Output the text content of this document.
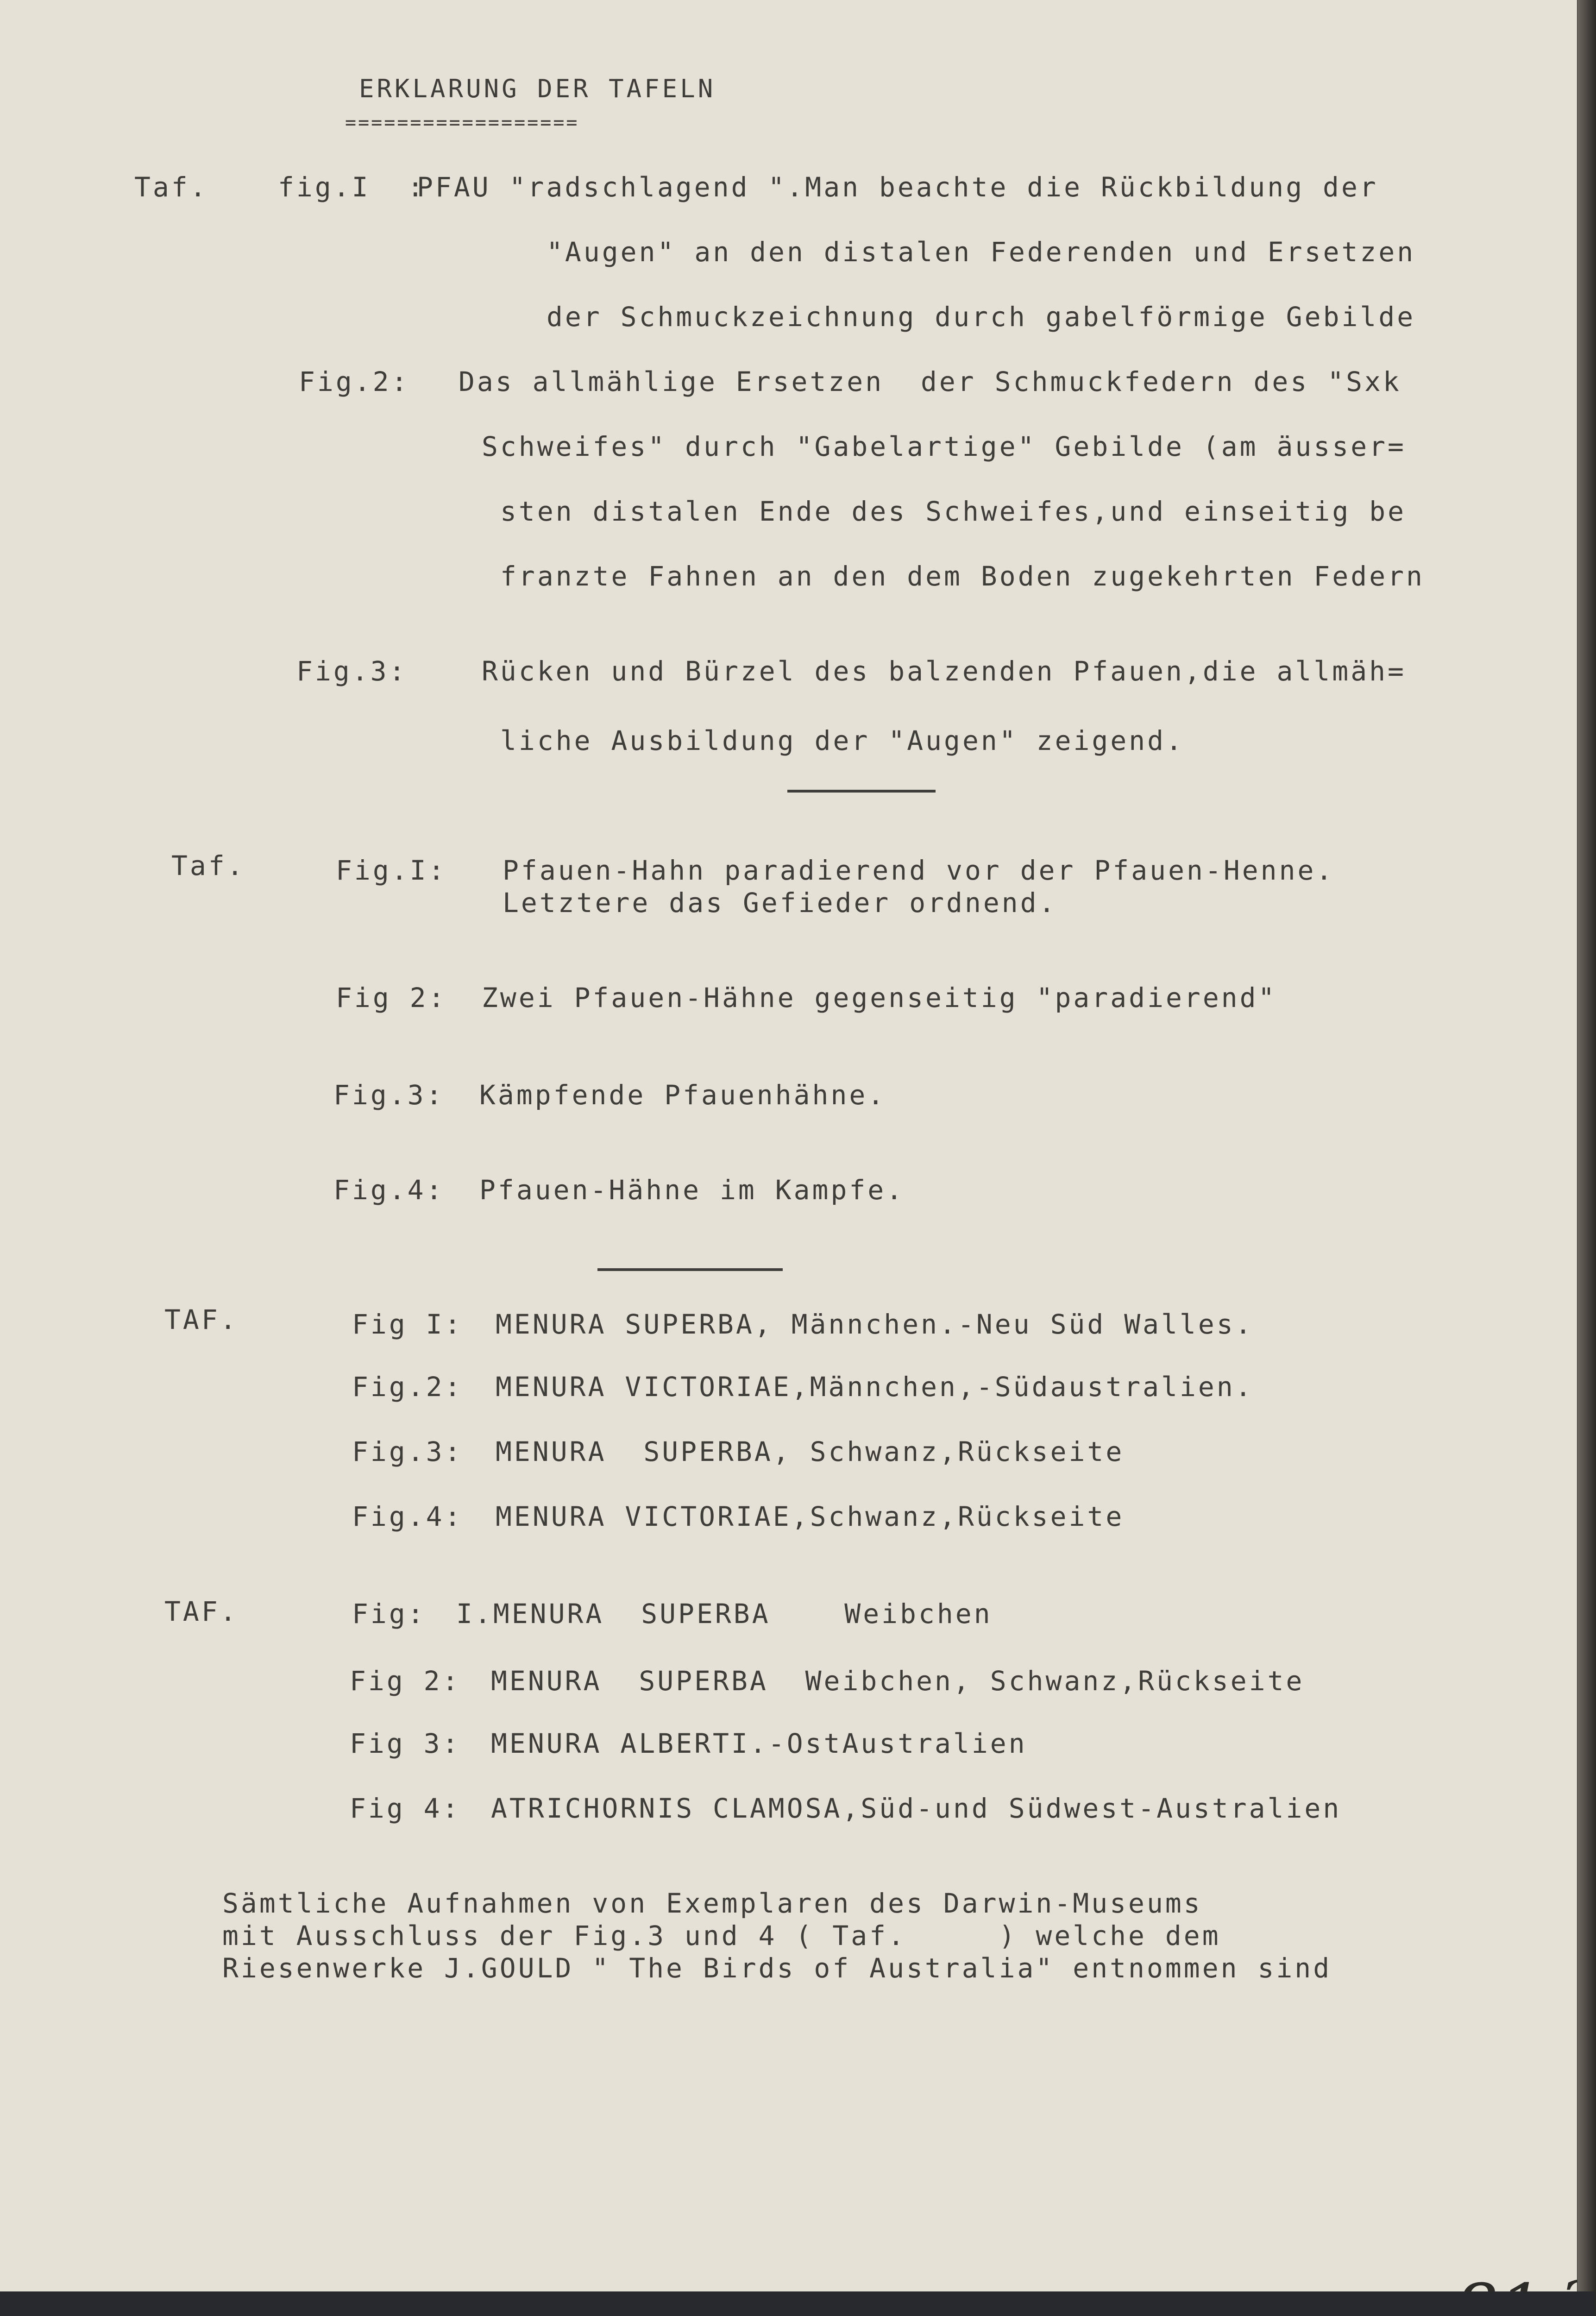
ERKLARUNG DER TAFELN
==================
Taf.	fig.I  :
PFAU "radschlagend ".Man beachte die Rückbildung der
"Augen" an den distalen Federenden und Ersetzen
der Schmuckzeichnung durch gabelförmige Gebilde
Fig.2: Das allmählige Ersetzen  der Schmuckfedern des "Sxk
Schweifes" durch "Gabelartige" Gebilde (am äusser=
sten distalen Ende des Schweifes,und einseitig be
franzte Fahnen an den dem Boden zugekehrten Federn
Fig.3:	Rücken und Bürzel des balzenden Pfauen,die allmäh=
liche Ausbildung der "Augen" zeigend.
Taf.	Fig.I: Pfauen-Hahn paradierend vor der Pfauen-Henne.
Letztere das Gefieder ordnend.
Fig 2: Zwei Pfauen-Hähne gegenseitig "paradierend"
Fig.3: Kämpfende Pfauenhähne.
Fig.4: Pfauen-Hähne im Kampfe.
TAF.	Fig I: MENURA SUPERBA, Männchen.-Neu Süd Walles.
Fig.2: MENURA VICTORIAE,Männchen,-Südaustralien.
Fig.3: MENURA  SUPERBA, Schwanz,Rückseite
Fig.4: MENURA VICTORIAE,Schwanz,Rückseite
TAF.	Fig: I.MENURA  SUPERBA    Weibchen
Fig 2: MENURA  SUPERBA  Weibchen, Schwanz,Rückseite
Fig 3: MENURA ALBERTI.-OstAustralien
Fig 4: ATRICHORNIS CLAMOSA,Süd-und Südwest-Australien
Sämtliche Aufnahmen von Exemplaren des Darwin-Museums
mit Ausschluss der Fig.3 und 4 ( Taf.     ) welche dem
Riesenwerke J.GOULD " The Birds of Australia" entnommen sind
